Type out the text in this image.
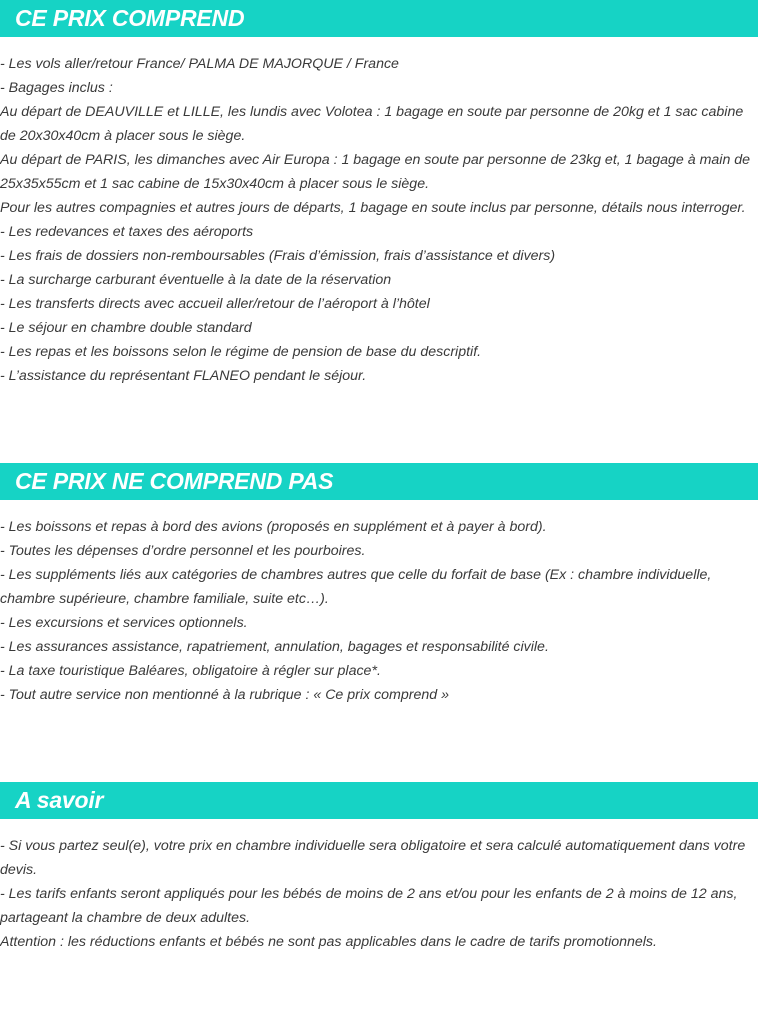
CE PRIX COMPREND
- Les vols aller/retour France/ PALMA DE MAJORQUE / France
- Bagages inclus :
Au départ de DEAUVILLE et LILLE, les lundis avec Volotea : 1 bagage en soute par personne de 20kg et 1 sac cabine de 20x30x40cm à placer sous le siège.
Au départ de PARIS, les dimanches avec Air Europa : 1 bagage en soute par personne de 23kg et, 1 bagage à main de 25x35x55cm et 1 sac cabine de 15x30x40cm à placer sous le siège.
Pour les autres compagnies et autres jours de départs, 1 bagage en soute inclus par personne, détails nous interroger.
- Les redevances et taxes des aéroports
- Les frais de dossiers non-remboursables (Frais d’émission, frais d’assistance et divers)
- La surcharge carburant éventuelle à la date de la réservation
- Les transferts directs avec accueil aller/retour de l’aéroport à l’hôtel
- Le séjour en chambre double standard
- Les repas et les boissons selon le régime de pension de base du descriptif.
- L’assistance du représentant FLANEO pendant le séjour.
CE PRIX NE COMPREND PAS
- Les boissons et repas à bord des avions (proposés en supplément et à payer à bord).
- Toutes les dépenses d’ordre personnel et les pourboires.
- Les suppléments liés aux catégories de chambres autres que celle du forfait de base (Ex : chambre individuelle, chambre supérieure, chambre familiale, suite etc…).
- Les excursions et services optionnels.
- Les assurances assistance, rapatriement, annulation, bagages et responsabilité civile.
- La taxe touristique Baléares, obligatoire à régler sur place*.
- Tout autre service non mentionné à la rubrique : « Ce prix comprend »
A savoir
- Si vous partez seul(e), votre prix en chambre individuelle sera obligatoire et sera calculé automatiquement dans votre devis.
- Les tarifs enfants seront appliqués pour les bébés de moins de 2 ans et/ou pour les enfants de 2 à moins de 12 ans, partageant la chambre de deux adultes.
Attention : les réductions enfants et bébés ne sont pas applicables dans le cadre de tarifs promotionnels.
